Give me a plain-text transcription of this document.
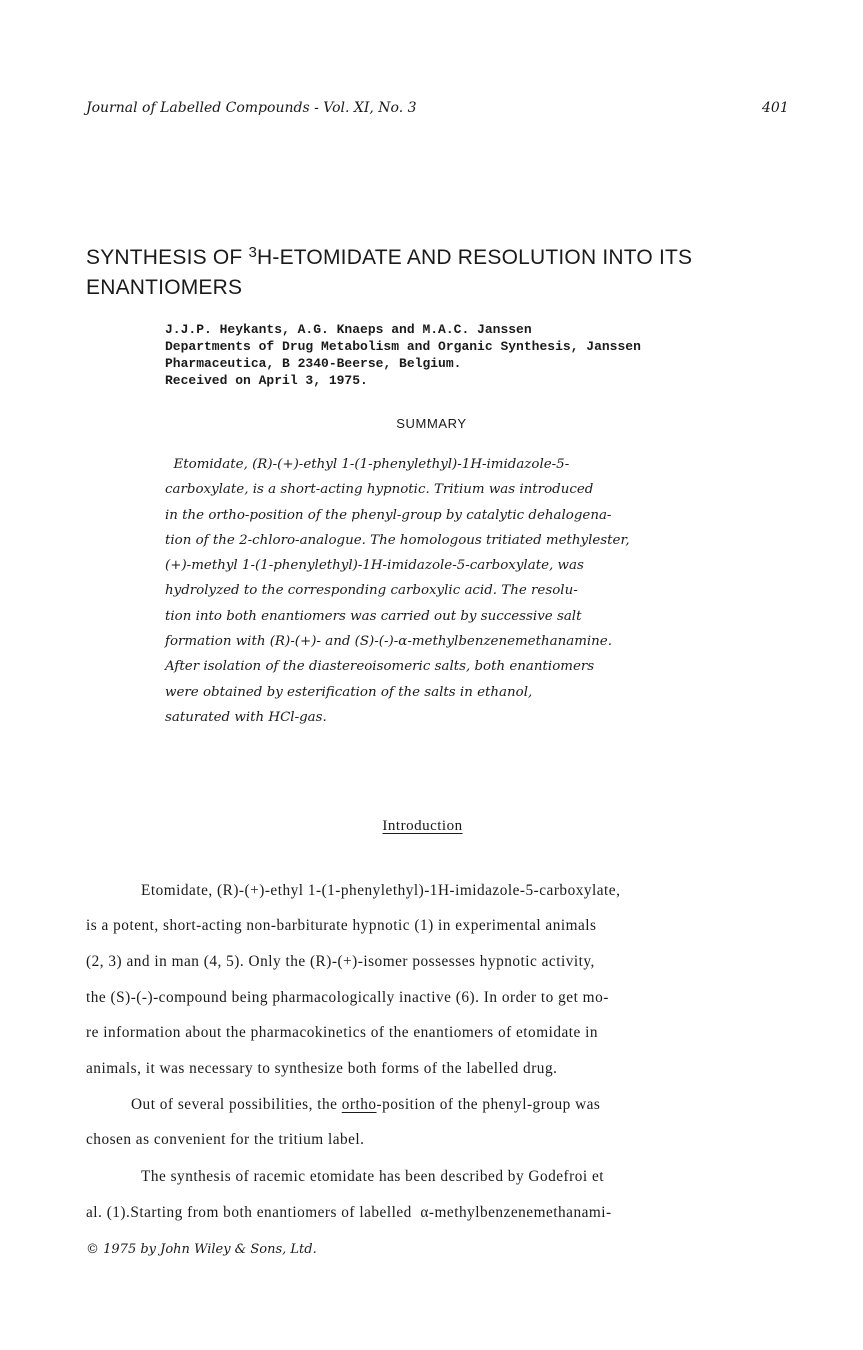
Journal of Labelled Compounds - Vol. XI, No. 3	401
SYNTHESIS OF $^3$H-ETOMIDATE AND RESOLUTION INTO ITS
ENANTIOMERS
J.J.P. Heykants, A.G. Knaeps and M.A.C. Janssen
Departments of Drug Metabolism and Organic Synthesis, Janssen
Pharmaceutica, B 2340-Beerse, Belgium.
Received on April 3, 1975.
SUMMARY
Etomidate, (R)-(+)-ethyl 1-(1-phenylethyl)-1H-imidazole-5-
carboxylate, is a short-acting hypnotic. Tritium was introduced
in the ortho-position of the phenyl-group by catalytic dehalogena-
tion of the 2-chloro-analogue. The homologous tritiated methylester,
(+)-methyl 1-(1-phenylethyl)-1H-imidazole-5-carboxylate, was
hydrolyzed to the corresponding carboxylic acid. The resolu-
tion into both enantiomers was carried out by successive salt
formation with (R)-(+)- and (S)-(-)-α-methylbenzenemethanamine.
After isolation of the diastereoisomeric salts, both enantiomers
were obtained by esterification of the salts in ethanol,
saturated with HCl-gas.
Introduction
Etomidate, (R)-(+)-ethyl 1-(1-phenylethyl)-1H-imidazole-5-carboxylate,
is a potent, short-acting non-barbiturate hypnotic (1) in experimental animals
(2, 3) and in man (4, 5). Only the (R)-(+)-isomer possesses hypnotic activity,
the (S)-(-)-compound being pharmacologically inactive (6). In order to get mo-
re information about the pharmacokinetics of the enantiomers of etomidate in
animals, it was necessary to synthesize both forms of the labelled drug.
Out of several possibilities, the ortho-position of the phenyl-group was
chosen as convenient for the tritium label.
The synthesis of racemic etomidate has been described by Godefroi et
al. (1).Starting from both enantiomers of labelled  α-methylbenzenemethanami-
© 1975 by John Wiley & Sons, Ltd.
